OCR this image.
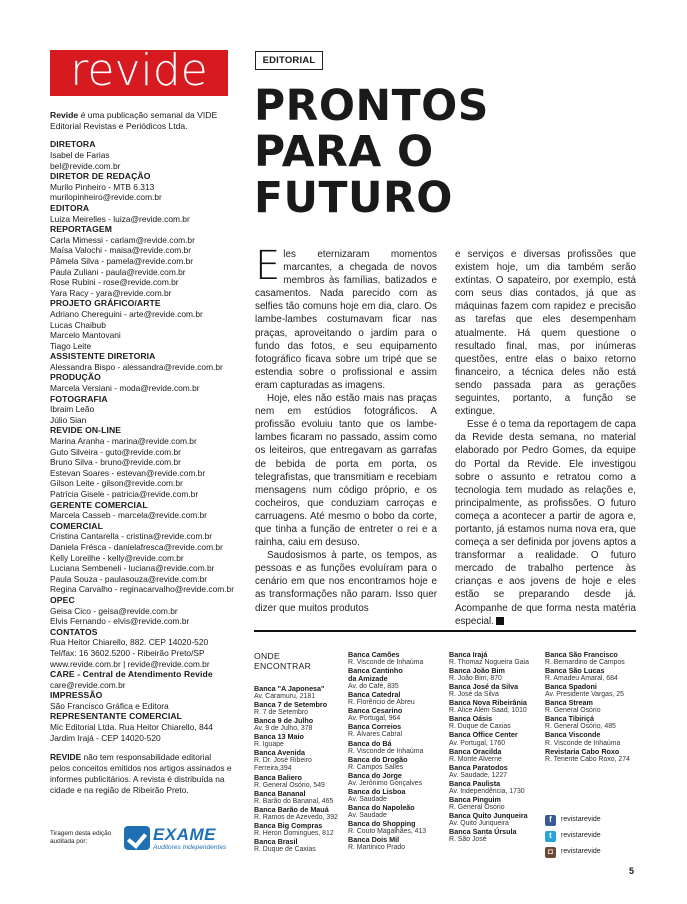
revide
Revide é uma publicação semanal da VIDE Editorial Revistas e Periódicos Ltda.
DIRETORA
Isabel de Farias
bel@revide.com.br
DIRETOR DE REDAÇÃO
Murilo Pinheiro - MTB 6.313
murilopinheiro@revide.com.br
EDITORA
Luiza Meirelles - luiza@revide.com.br
REPORTAGEM
Carla Mimessi - carlam@revide.com.br
Maísa Valochi - maisa@revide.com.br
Pâmela Silva - pamela@revide.com.br
Paula Zuliani - paula@revide.com.br
Rose Rubini - rose@revide.com.br
Yara Racy - yara@revide.com.br
PROJETO GRÁFICO/ARTE
Adriano Chereguini - arte@revide.com.br
Lucas Chaibub
Marcelo Mantovani
Tiago Leite
ASSISTENTE DIRETORIA
Alessandra Bispo - alessandra@revide.com.br
PRODUÇÃO
Marcela Versiani - moda@revide.com.br
FOTOGRAFIA
Ibraim Leão
Júlio Sian
REVIDE ON-LINE
Marina Aranha - marina@revide.com.br
Guto Silveira - guto@revide.com.br
Bruno Silva - bruno@revide.com.br
Estevan Soares - estevan@revide.com.br
Gilson Leite - gilson@revide.com.br
Patrícia Gisele - patricia@revide.com.br
GERENTE COMERCIAL
Marcela Casseb - marcela@revide.com.br
COMERCIAL
Cristina Cantarella - cristina@revide.com.br
Daniela Frésca - danielafresca@revide.com.br
Kelly Loreilhe - kelly@revide.com.br
Luciana Sembeneli - luciana@revide.com.br
Paula Souza - paulasouza@revide.com.br
Regina Carvalho - reginacarvalho@revide.com.br
OPEC
Geisa Cico - geisa@revide.com.br
Elvis Fernando - elvis@revide.com.br
CONTATOS
Rua Heitor Chiarello, 882. CEP 14020-520
Tel/fax: 16 3602.5200 - Ribeirão Preto/SP
www.revide.com.br | revide@revide.com.br
CARE - Central de Atendimento Revide
care@revide.com.br
IMPRESSÃO
São Francisco Gráfica e Editora
REPRESENTANTE COMERCIAL
Mic Editorial Ltda. Rua Heitor Chiarello, 844
Jardim Irajá - CEP 14020-520
REVIDE não tem responsabilidade editorial pelos conceitos emitidos nos artigos assinados e informes publicitários. A revista é distribuída na cidade e na região de Ribeirão Preto.
Tiragem desta edição auditada por:	EXAME
Auditores Independentes
EDITORIAL
PRONTOS
PARA O
FUTURO

Eles eternizaram momentos marcantes, a chegada de novos membros às famílias, batizados e casamentos. Nada parecido com as selfies tão comuns hoje em dia, claro. Os lambe-lambes costumavam ficar nas praças, aproveitando o jardim para o fundo das fotos, e seu equipamento fotográfico ficava sobre um tripé que se estendia sobre o profissional e assim eram capturadas as imagens.

Hoje, eles não estão mais nas praças nem em estúdios fotográficos. A profissão evoluiu tanto que os lambe-lambes ficaram no passado, assim como os leiteiros, que entregavam as garrafas de bebida de porta em porta, os telegrafistas, que transmitiam e recebiam mensagens num código próprio, e os cocheiros, que conduziam carroças e carruagens. Até mesmo o bobo da corte, que tinha a função de entreter o rei e a rainha, caiu em desuso.

Saudosismos à parte, os tempos, as pessoas e as funções evoluíram para o cenário em que nos encontramos hoje e as transformações não param. Isso quer dizer que muitos produtos

e serviços e diversas profissões que existem hoje, um dia também serão extintas. O sapateiro, por exemplo, está com seus dias contados, já que as máquinas fazem com rapidez e precisão as tarefas que eles desempenham atualmente. Há quem questione o resultado final, mas, por inúmeras questões, entre elas o baixo retorno financeiro, a técnica deles não está sendo passada para as gerações seguintes, portanto, a função se extingue.

Esse é o tema da reportagem de capa da Revide desta semana, no material elaborado por Pedro Gomes, da equipe do Portal da Revide. Ele investigou sobre o assunto e retratou como a tecnologia tem mudado as relações e, principalmente, as profissões. O futuro começa a acontecer a partir de agora e, portanto, já estamos numa nova era, que começa a ser definida por jovens aptos a transformar a realidade. O futuro mercado de trabalho pertence às crianças e aos jovens de hoje e eles estão se preparando desde já. Acompanhe de que forma nesta matéria especial.

ONDE
ENCONTRAR
Banca "A Japonesa"
Av. Caramuru, 2181
Banca 7 de Setembro
R. 7 de Setembro
Banca 9 de Julho
Av. 9 de Julho, 378
Banca 13 Maio
R. Iguape
Banca Avenida
R. Dr. José Ribeiro
Ferreira,394
Banca Baliero
R. General Osório, 549
Banca Bananal
R. Barão do Bananal, 465
Banca Barão de Mauá
R. Ramos de Azevedo, 392
Banca Big Compras
R. Heron Domingues, 812
Banca Brasil
R. Duque de Caxias
Banca Camões
R. Visconde de Inhaúma
Banca Cantinho
da Amizade
Av. do Café, 835
Banca Catedral
R. Florêncio de Abreu
Banca Cesarino
Av. Portugal, 964
Banca Correios
R. Álvares Cabral
Banca do Bá
R. Visconde de Inhaúma
Banca do Drogão
R. Campos Salles
Banca do Jorge
Av. Jerônimo Gonçalves
Banca do Lisboa
Av. Saudade
Banca do Napoleão
Av. Saudade
Banca do Shopping
R. Couto Magalhães, 413
Banca Dois Mil
R. Martinico Prado
Banca Irajá
R. Thomaz Nogueira Gaia
Banca João Bim
R. João Bim, 870
Banca José da Silva
R. José da Silva
Banca Nova Ribeirânia
R. Alice Além Saad, 1010
Banca Oásis
R. Duque de Caxias
Banca Office Center
Av. Portugal, 1760
Banca Oracilda
R. Monte Alverne
Banca Paratodos
Av. Saudade, 1227
Banca Paulista
Av. Independência, 1730
Banca Pinguim
R. General Osório
Banca Quito Junqueira
Av. Quito Junqueira
Banca Santa Úrsula
R. São José
Banca São Francisco
R. Bernardino de Campos
Banca São Lucas
R. Amadeu Amaral, 684
Banca Spadoni
Av. Presidente Vargas, 25
Banca Stream
R. General Osório
Banca Tibiriçá
R. General Osório, 485
Banca Visconde
R. Visconde de Inhaúma
Revistaria Cabo Roxo
R. Tenente Cabo Roxo, 274
f	revistarevide
t	revistarevide
◘	revistarevide
5
